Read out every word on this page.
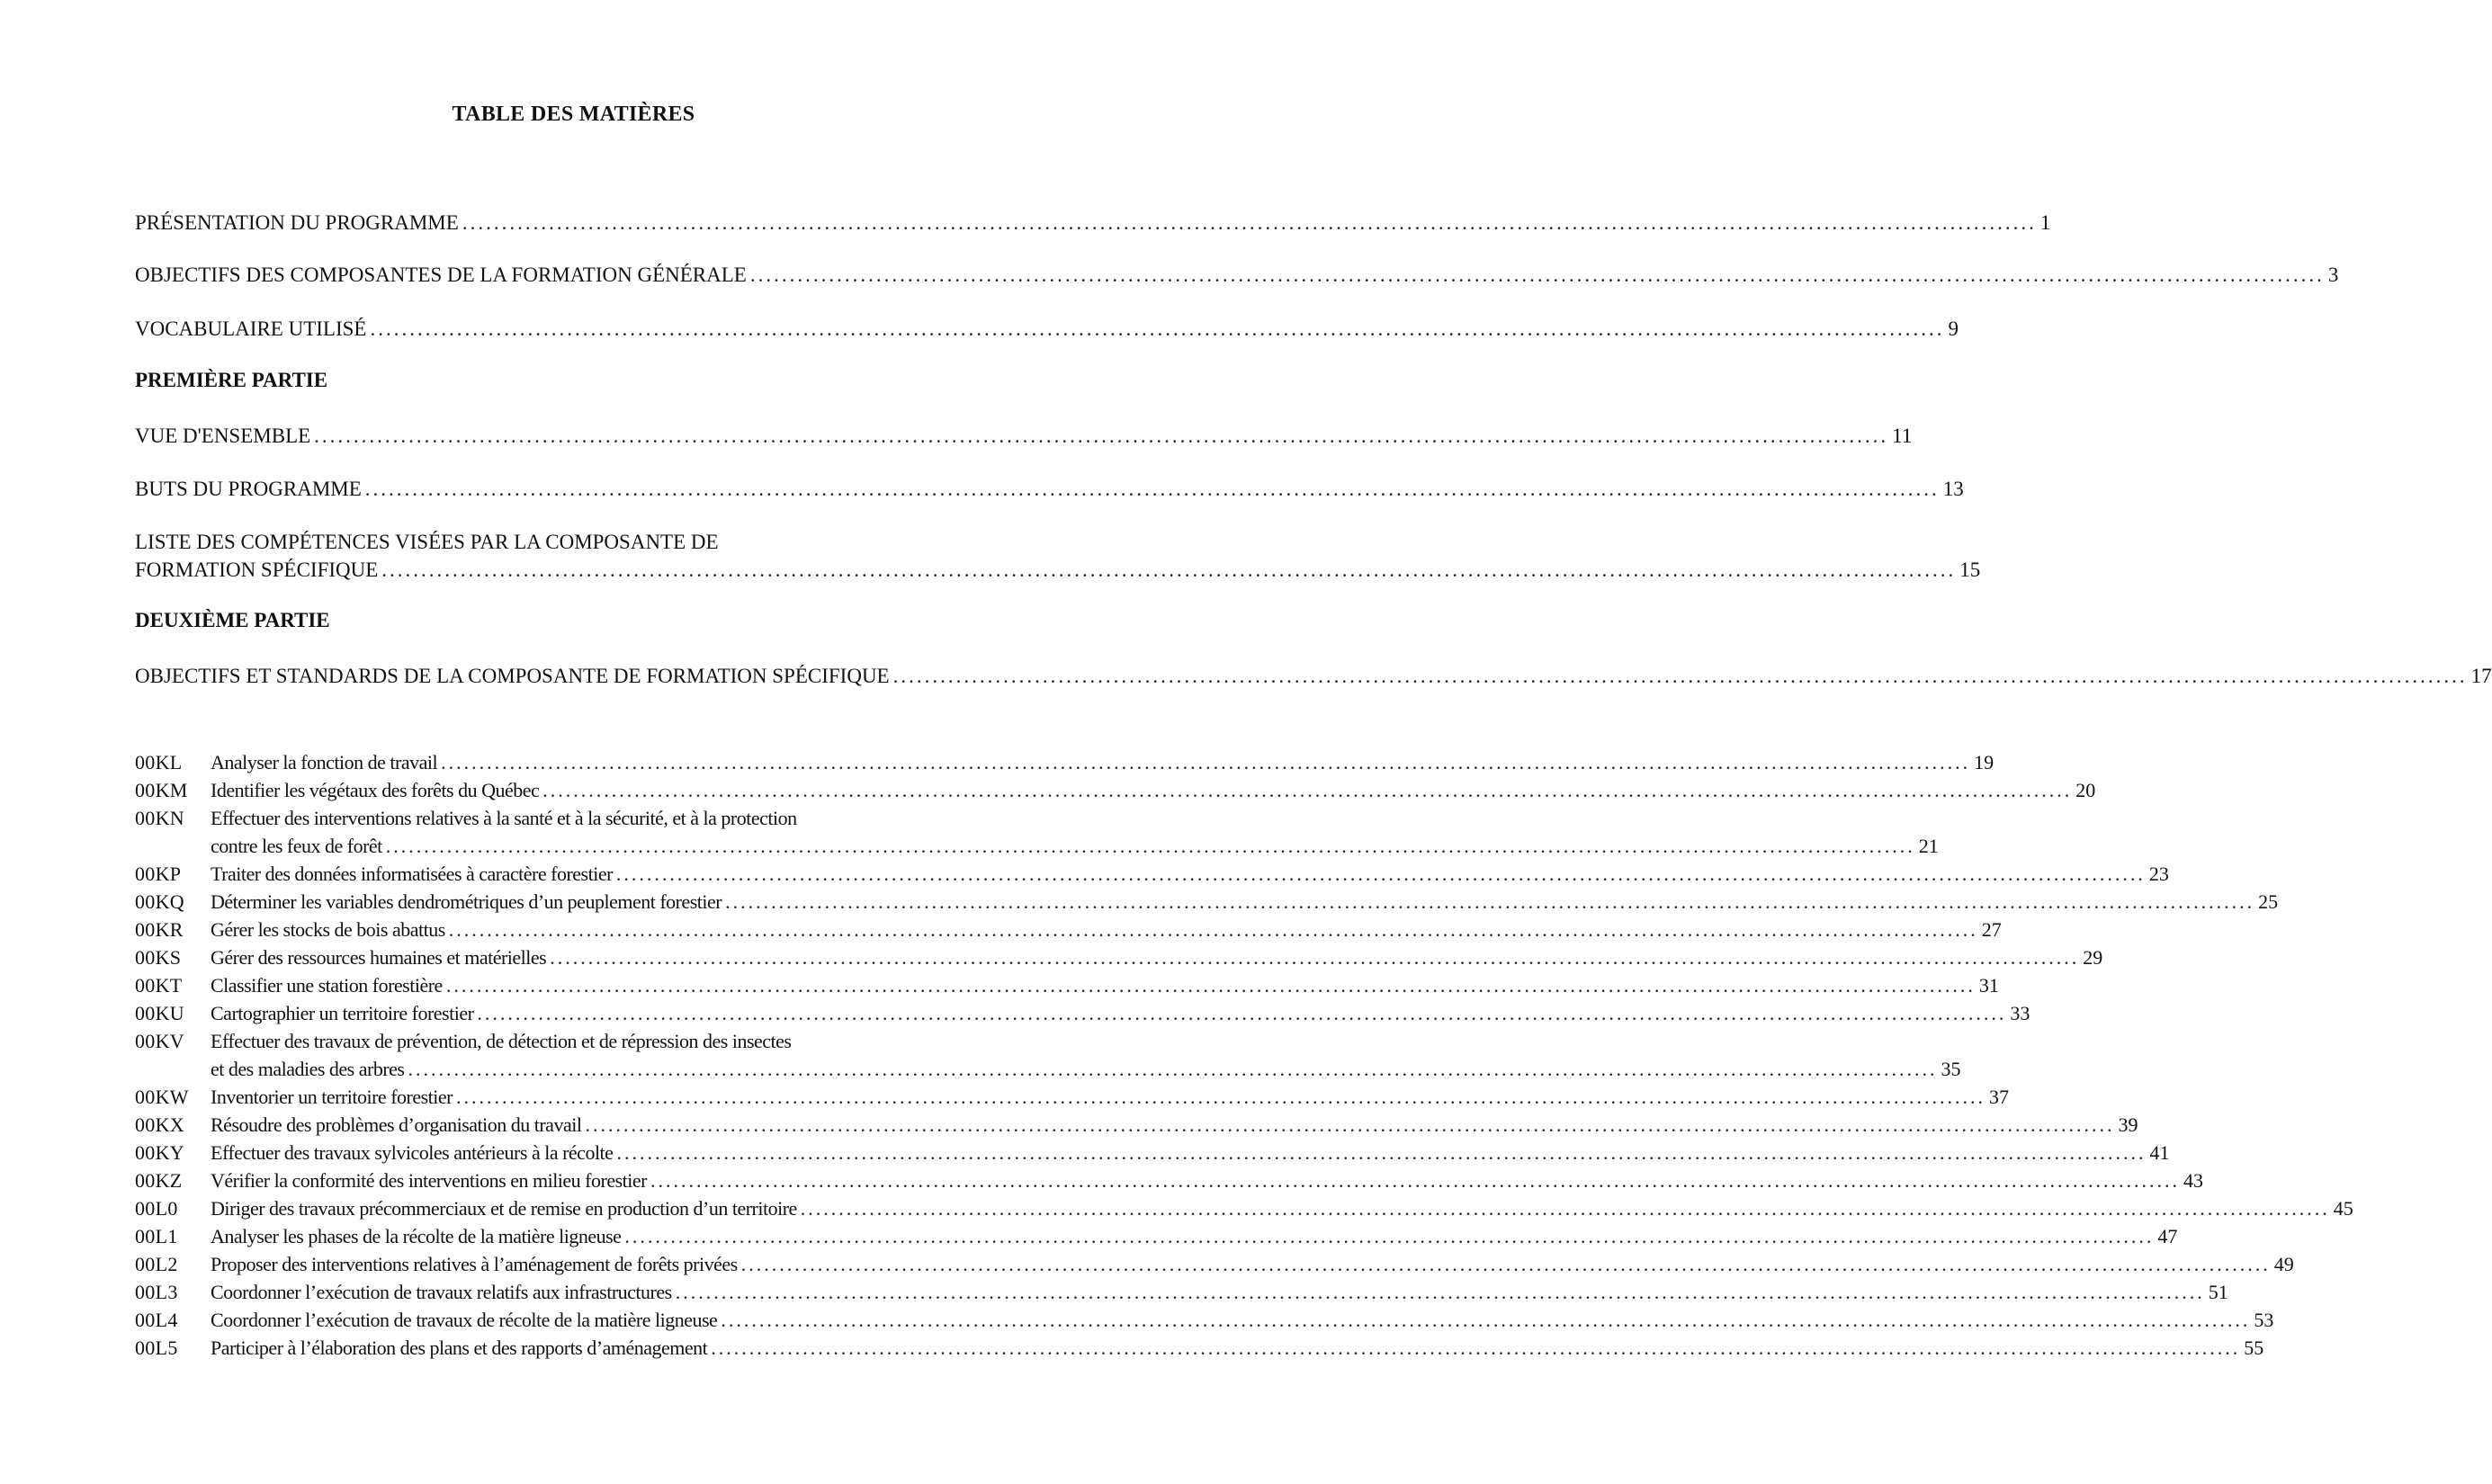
TABLE DES MATIÈRES
PRÉSENTATION DU PROGRAMME ........................................................................................................................................................................................................ 1
OBJECTIFS DES COMPOSANTES DE LA FORMATION GÉNÉRALE ........................................................................................................................................................................................................ 3
VOCABULAIRE UTILISÉ ........................................................................................................................................................................................................ 9
PREMIÈRE PARTIE
VUE D'ENSEMBLE ........................................................................................................................................................................................................ 11
BUTS DU PROGRAMME ........................................................................................................................................................................................................ 13
LISTE DES COMPÉTENCES VISÉES PAR LA COMPOSANTE DE
FORMATION SPÉCIFIQUE ........................................................................................................................................................................................................ 15
DEUXIÈME PARTIE
OBJECTIFS ET STANDARDS DE LA COMPOSANTE DE FORMATION SPÉCIFIQUE ........................................................................................................................................................................................................ 17
00KL	Analyser la fonction de travail ........................................................................................................................................................................................................ 19
00KM	Identifier les végétaux des forêts du Québec ........................................................................................................................................................................................................ 20
00KN	Effectuer des interventions relatives à la santé et à la sécurité, et à la protection
contre les feux de forêt ........................................................................................................................................................................................................ 21
00KP	Traiter des données informatisées à caractère forestier ........................................................................................................................................................................................................ 23
00KQ	Déterminer les variables dendrométriques d’un peuplement forestier ........................................................................................................................................................................................................ 25
00KR	Gérer les stocks de bois abattus ........................................................................................................................................................................................................ 27
00KS	Gérer des ressources humaines et matérielles ........................................................................................................................................................................................................ 29
00KT	Classifier une station forestière ........................................................................................................................................................................................................ 31
00KU	Cartographier un territoire forestier ........................................................................................................................................................................................................ 33
00KV	Effectuer des travaux de prévention, de détection et de répression des insectes
et des maladies des arbres ........................................................................................................................................................................................................ 35
00KW	Inventorier un territoire forestier ........................................................................................................................................................................................................ 37
00KX	Résoudre des problèmes d’organisation du travail ........................................................................................................................................................................................................ 39
00KY	Effectuer des travaux sylvicoles antérieurs à la récolte ........................................................................................................................................................................................................ 41
00KZ	Vérifier la conformité des interventions en milieu forestier ........................................................................................................................................................................................................ 43
00L0	Diriger des travaux précommerciaux et de remise en production d’un territoire ........................................................................................................................................................................................................ 45
00L1	Analyser les phases de la récolte de la matière ligneuse ........................................................................................................................................................................................................ 47
00L2	Proposer des interventions relatives à l’aménagement de forêts privées ........................................................................................................................................................................................................ 49
00L3	Coordonner l’exécution de travaux relatifs aux infrastructures ........................................................................................................................................................................................................ 51
00L4	Coordonner l’exécution de travaux de récolte de la matière ligneuse ........................................................................................................................................................................................................ 53
00L5	Participer à l’élaboration des plans et des rapports d’aménagement ........................................................................................................................................................................................................ 55
